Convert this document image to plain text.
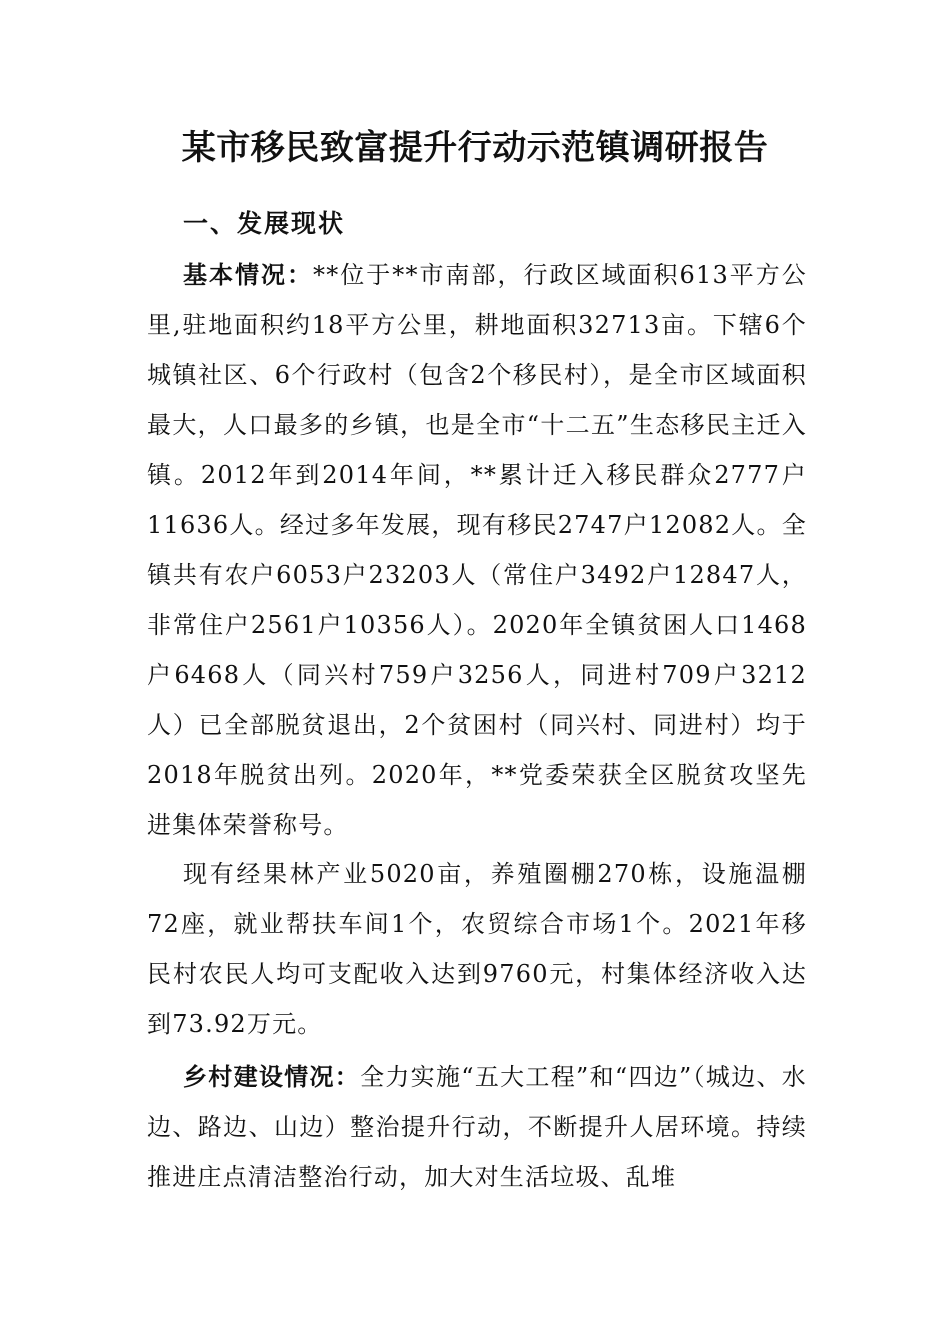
某市移民致富提升行动示范镇调研报告
一、发展现状

基本情况：**位于**市南部，行政区域面积613平方公里,驻地面积约18平方公里，耕地面积32713亩。下辖6个城镇社区、6个行政村（包含2个移民村），是全市区域面积最大，人口最多的乡镇，也是全市“十二五”生态移民主迁入镇。2012年到2014年间，**累计迁入移民群众2777户11636人。经过多年发展，现有移民2747户12082人。全镇共有农户6053户23203人（常住户3492户12847人，非常住户2561户10356人）。2020年全镇贫困人口1468户6468人（同兴村759户3256人，同进村709户3212人）已全部脱贫退出，2个贫困村（同兴村、同进村）均于2018年脱贫出列。2020年，**党委荣获全区脱贫攻坚先进集体荣誉称号。

现有经果林产业5020亩，养殖圈棚270栋，设施温棚72座，就业帮扶车间1个，农贸综合市场1个。2021年移民村农民人均可支配收入达到9760元，村集体经济收入达到73.92万元。

乡村建设情况：全力实施“五大工程”和“四边”（城边、水边、路边、山边）整治提升行动，不断提升人居环境。持续推进庄点清洁整治行动，加大对生活垃圾、乱堆
